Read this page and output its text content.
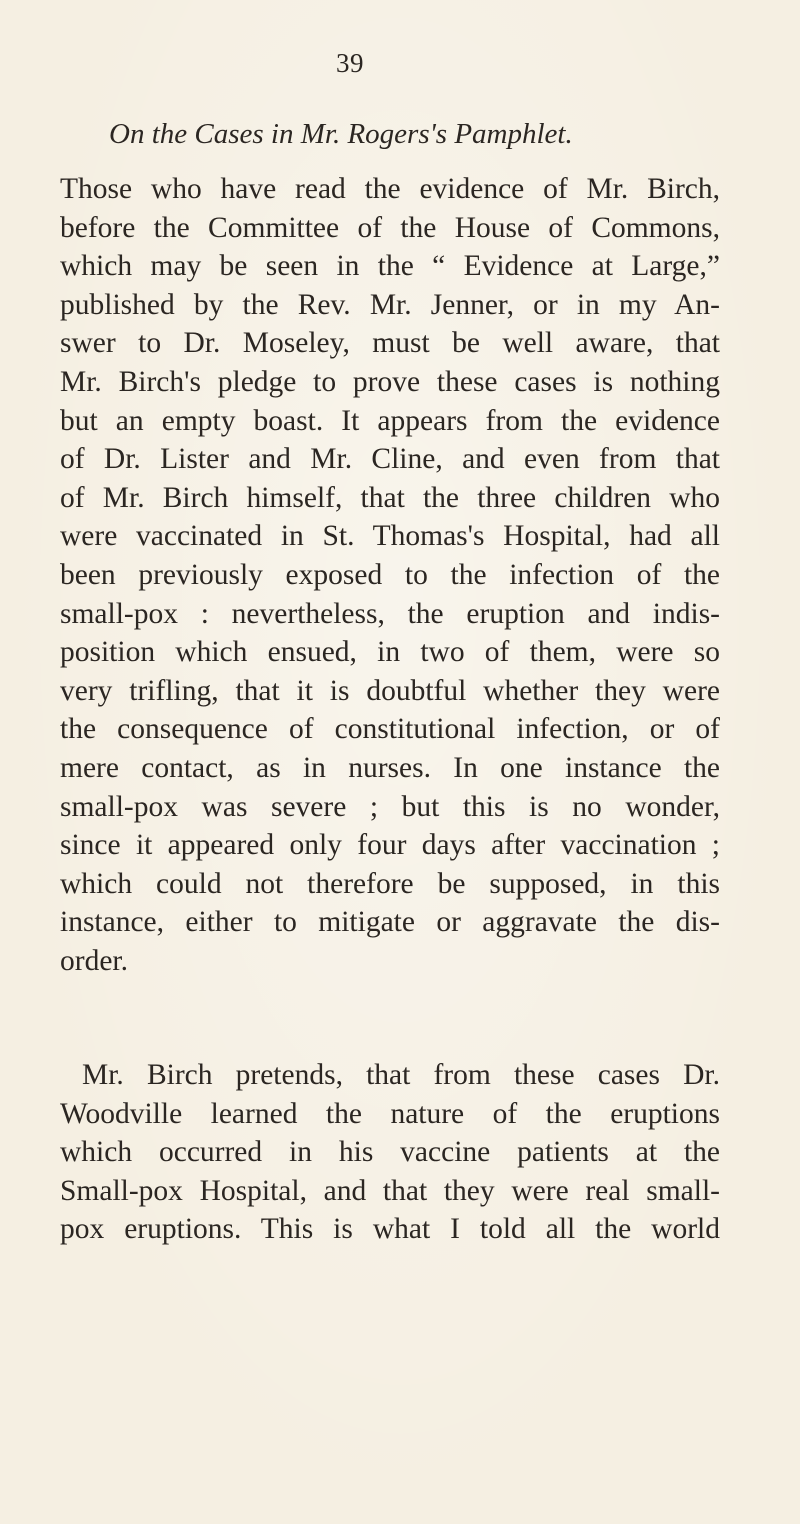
39
On the Cases in Mr. Rogers's Pamphlet.
Those who have read the evidence of Mr. Birch,
before the Committee of the House of Commons,
which may be seen in the “ Evidence at Large,”
published by the Rev. Mr. Jenner, or in my An-
swer to Dr. Moseley, must be well aware, that
Mr. Birch's pledge to prove these cases is nothing
but an empty boast. It appears from the evidence
of Dr. Lister and Mr. Cline, and even from that
of Mr. Birch himself, that the three children who
were vaccinated in St. Thomas's Hospital, had all
been previously exposed to the infection of the
small-pox : nevertheless, the eruption and indis-
position which ensued, in two of them, were so
very trifling, that it is doubtful whether they were
the consequence of constitutional infection, or of
mere contact, as in nurses. In one instance the
small-pox was severe ; but this is no wonder,
since it appeared only four days after vaccination ;
which could not therefore be supposed, in this
instance, either to mitigate or aggravate the dis-
order.
Mr. Birch pretends, that from these cases Dr.
Woodville learned the nature of the eruptions
which occurred in his vaccine patients at the
Small-pox Hospital, and that they were real small-
pox eruptions. This is what I told all the world
